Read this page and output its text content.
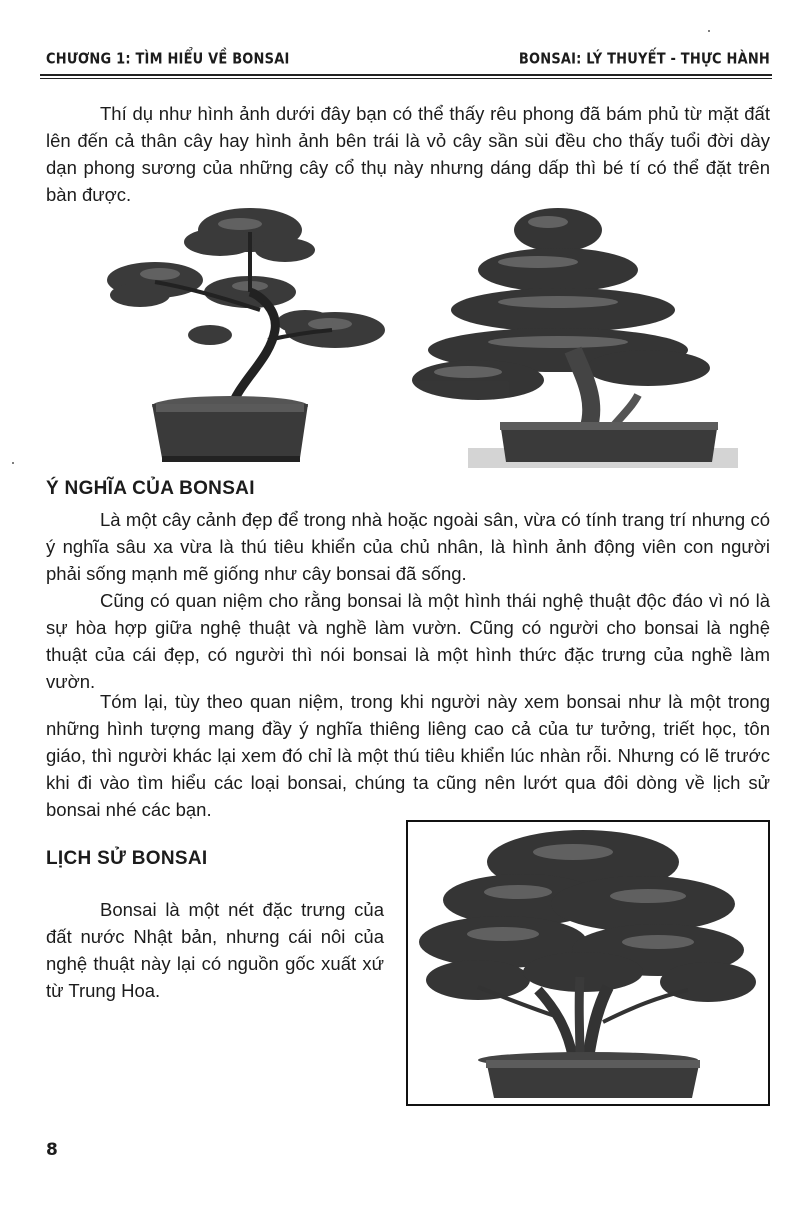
CHƯƠNG 1: TÌM HIỂU VỀ BONSAI	BONSAI: LÝ THUYẾT - THỰC HÀNH
Thí dụ như hình ảnh dưới đây bạn có thể thấy rêu phong đã bám phủ từ mặt đất lên đến cả thân cây hay hình ảnh bên trái là vỏ cây sần sùi đều cho thấy tuổi đời dày dạn phong sương của những cây cổ thụ này nhưng dáng dấp thì bé tí có thể đặt trên bàn được.
Ý NGHĨA CỦA BONSAI
Là một cây cảnh đẹp để trong nhà hoặc ngoài sân, vừa có tính trang trí nhưng có ý nghĩa sâu xa vừa là thú tiêu khiển của chủ nhân, là hình ảnh động viên con người phải sống mạnh mẽ giống như cây bonsai đã sống.
Cũng có quan niệm cho rằng bonsai là một hình thái nghệ thuật độc đáo vì nó là sự hòa hợp giữa nghệ thuật và nghề làm vườn. Cũng có người cho bonsai là nghệ thuật của cái đẹp, có người thì nói bonsai là một hình thức đặc trưng của nghề làm vườn.
Tóm lại, tùy theo quan niệm, trong khi người này xem bonsai như là một trong những hình tượng mang đầy ý nghĩa thiêng liêng cao cả của tư tưởng, triết học, tôn giáo, thì người khác lại xem đó chỉ là một thú tiêu khiển lúc nhàn rỗi. Nhưng có lẽ trước khi đi vào tìm hiểu các loại bonsai, chúng ta cũng nên lướt qua đôi dòng về lịch sử bonsai nhé các bạn.
LỊCH SỬ BONSAI
Bonsai là một nét đặc trưng của đất nước Nhật bản, nhưng cái nôi của nghệ thuật này lại có nguồn gốc xuất xứ từ Trung Hoa.
8
